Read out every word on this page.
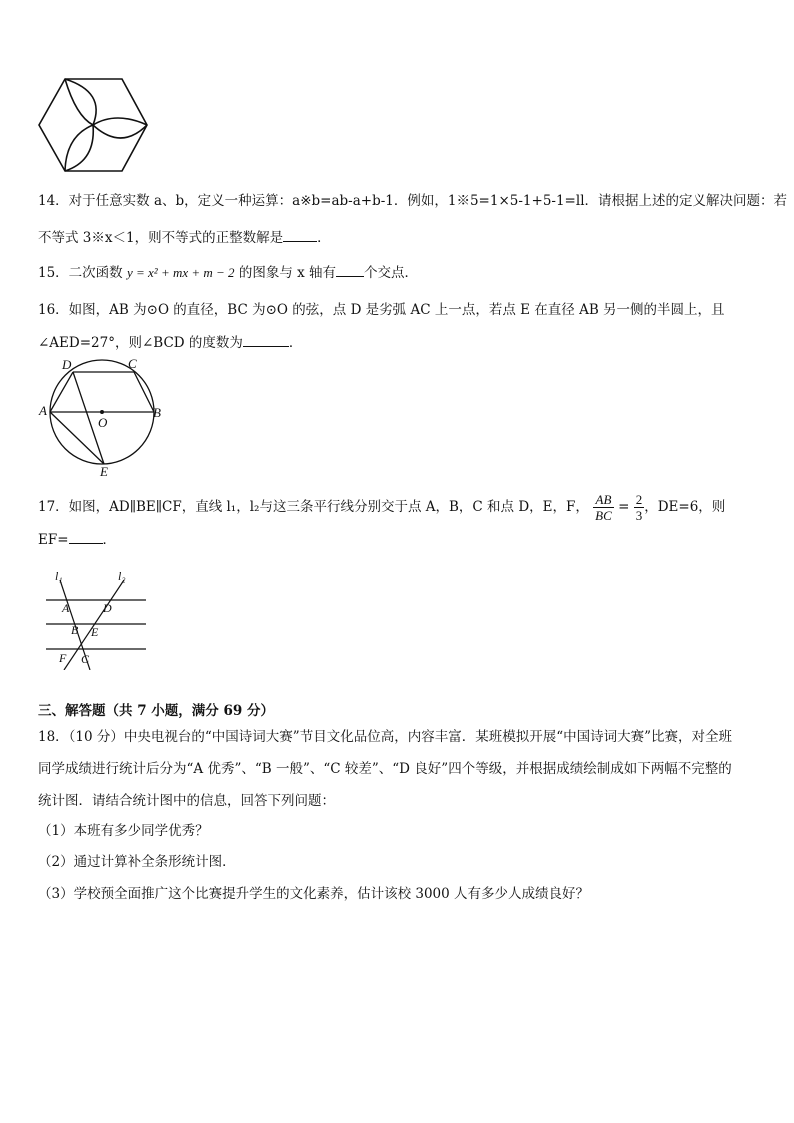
14．对于任意实数 a、b，定义一种运算：a※b=ab-a+b-1．例如，1※5=1×5-1+5-1=ll．请根据上述的定义解决问题：若
不等式 3※x＜1，则不等式的正整数解是	．
15．二次函数 y = x² + mx + m − 2 的图象与 x 轴有 个交点．
16．如图，AB 为⊙O 的直径，BC 为⊙O 的弦，点 D 是劣弧 AC 上一点，若点 E 在直径 AB 另一侧的半圆上，且
∠AED=27°，则∠BCD 的度数为	．
A	B
C
D
E
O
17．如图，AD∥BE∥CF，直线 l₁，l₂与这三条平行线分别交于点 A，B，C 和点 D，E，F， $\frac{AB}{BC} = \frac{2}{3}$ ，DE=6，则
EF=	．
l₁	l₂
A	D
B E
F C
三、解答题（共 7 小题，满分 69 分）
18．（10 分）中央电视台的“中国诗词大赛”节目文化品位高，内容丰富．某班模拟开展“中国诗词大赛”比赛，对全班
同学成绩进行统计后分为“A 优秀”、“B 一般”、“C 较差”、“D 良好”四个等级，并根据成绩绘制成如下两幅不完整的
统计图．请结合统计图中的信息，回答下列问题：
（1）本班有多少同学优秀？
（2）通过计算补全条形统计图．
（3）学校预全面推广这个比赛提升学生的文化素养，估计该校 3000 人有多少人成绩良好？
